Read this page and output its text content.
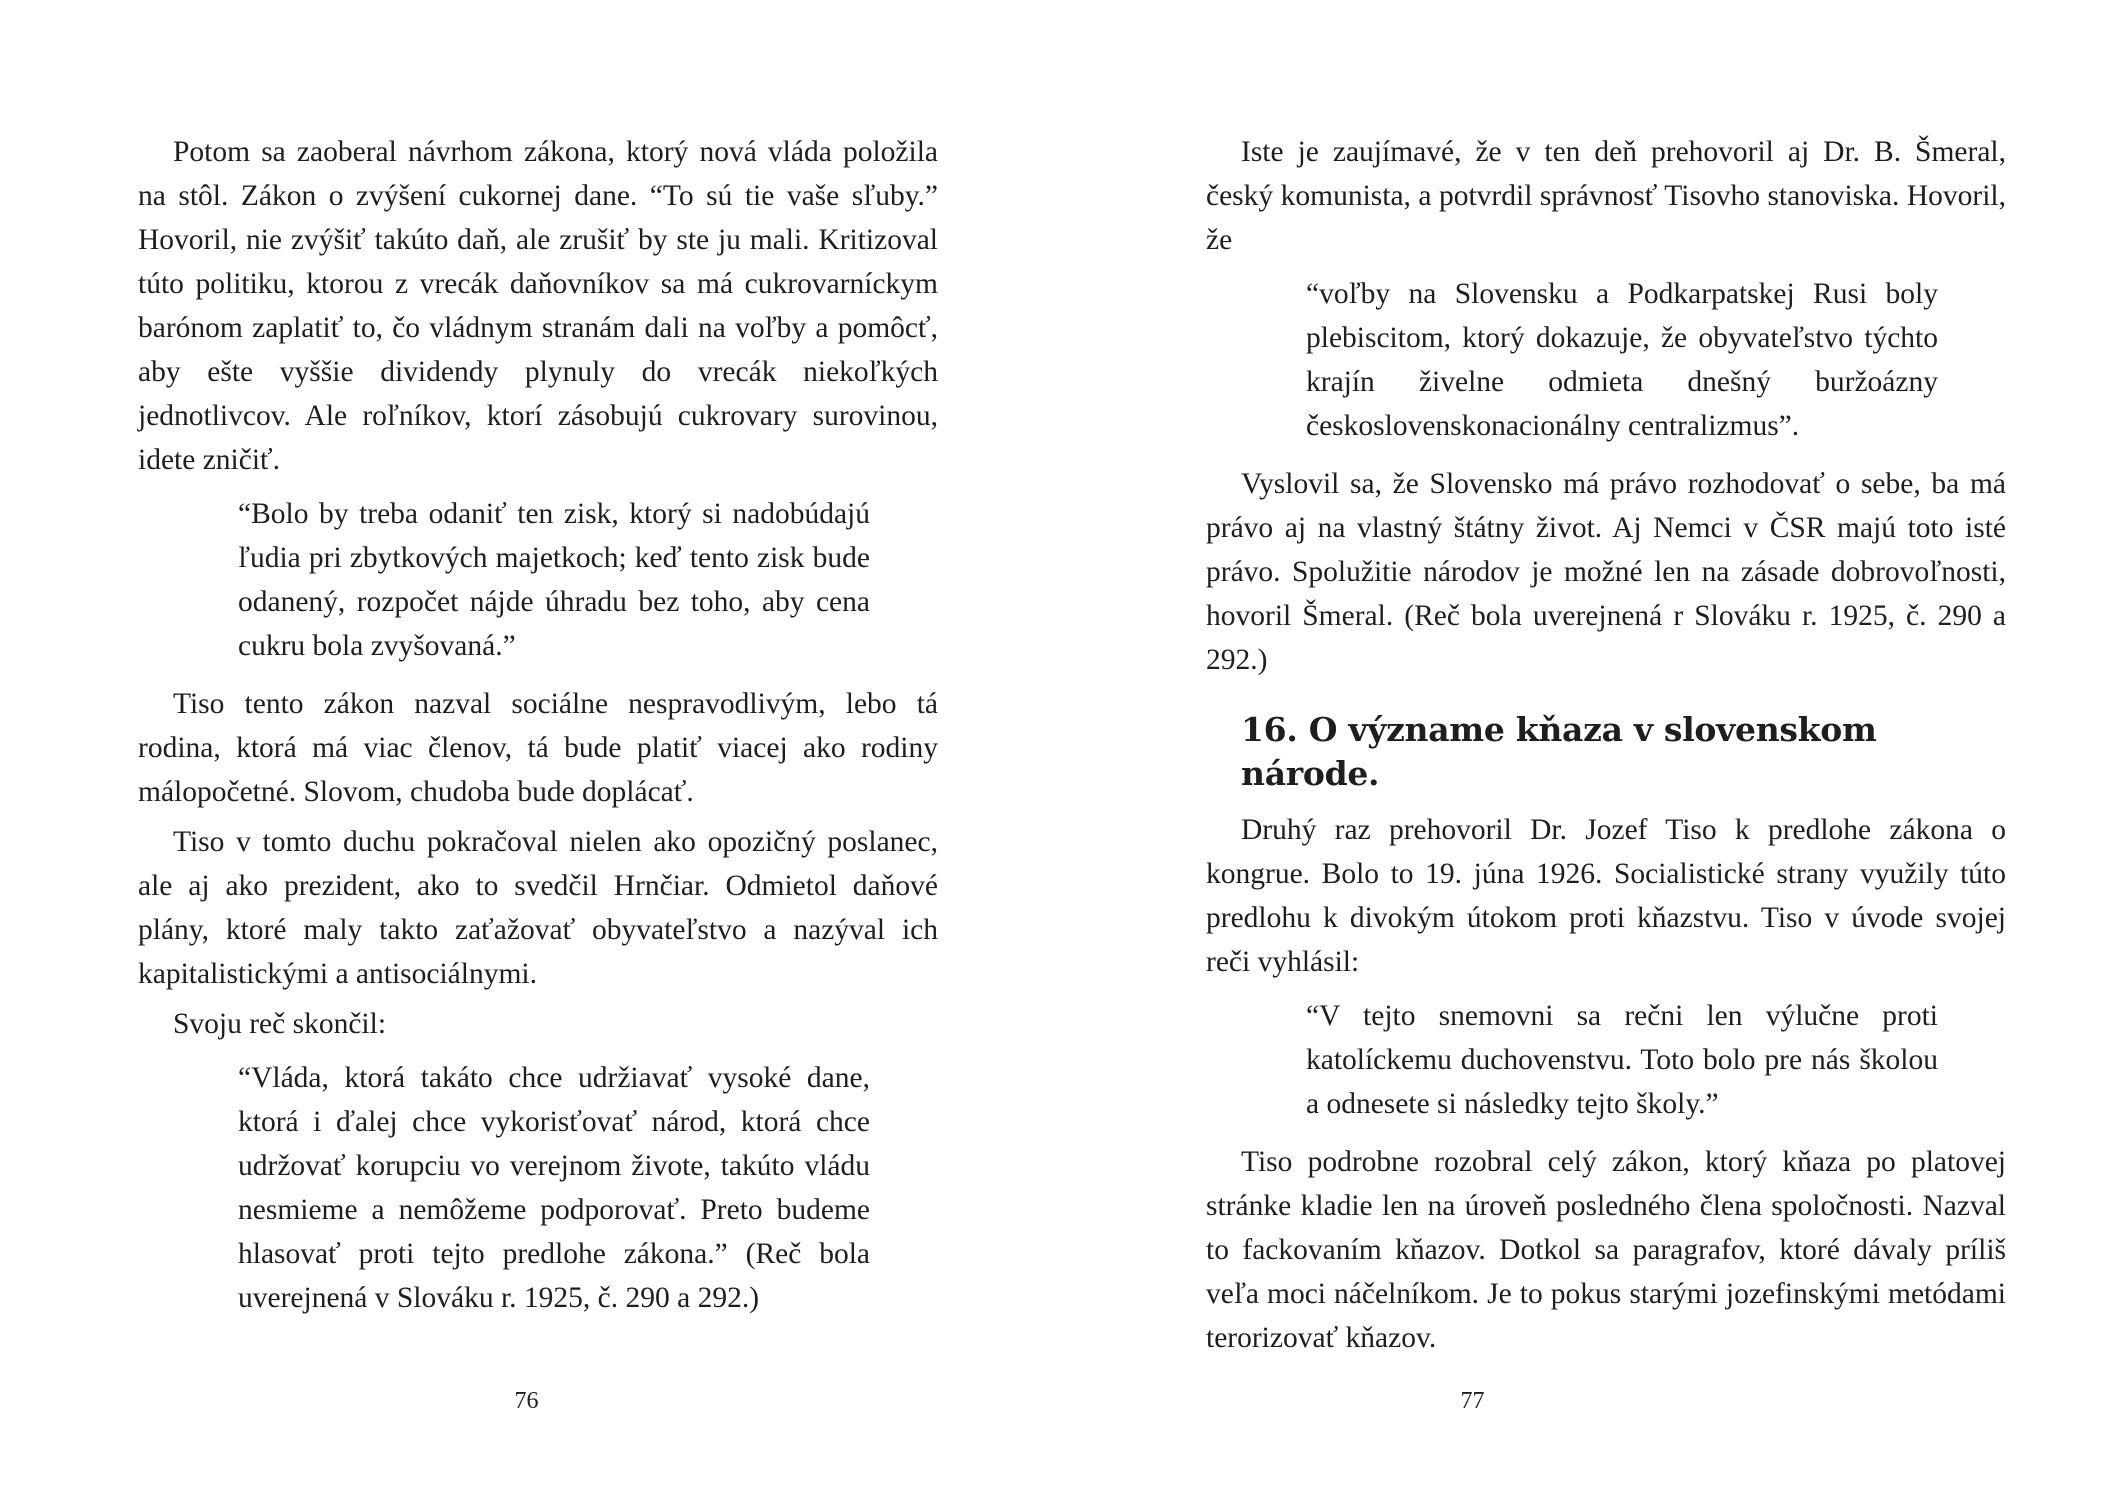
Potom sa zaoberal návrhom zákona, ktorý nová vláda položila na stôl. Zákon o zvýšení cukornej dane. “To sú tie vaše sľuby.” Hovoril, nie zvýšiť takúto daň, ale zrušiť by ste ju mali. Kritizoval túto politiku, ktorou z vrecák daňovníkov sa má cukrovarníckym barónom zaplatiť to, čo vládnym stranám dali na voľby a pomôcť, aby ešte vyššie dividendy plynuly do vrecák niekoľkých jednotlivcov. Ale roľníkov, ktorí zásobujú cukrovary surovinou, idete zničiť.

“Bolo by treba odaniť ten zisk, ktorý si nadobúdajú ľudia pri zbytkových majetkoch; keď tento zisk bude odanený, rozpočet nájde úhradu bez toho, aby cena cukru bola zvyšovaná.”

Tiso tento zákon nazval sociálne nespravodlivým, lebo tá rodina, ktorá má viac členov, tá bude platiť viacej ako rodiny málopočetné. Slovom, chudoba bude doplácať.

Tiso v tomto duchu pokračoval nielen ako opozičný poslanec, ale aj ako prezident, ako to svedčil Hrnčiar. Odmietol daňové plány, ktoré maly takto zaťažovať obyvateľstvo a nazýval ich kapitalistickými a antisociálnymi.

Svoju reč skončil:

“Vláda, ktorá takáto chce udržiavať vysoké dane, ktorá i ďalej chce vykorisťovať národ, ktorá chce udržovať korupciu vo verejnom živote, takúto vládu nesmieme a nemôžeme podporovať. Preto budeme hlasovať proti tejto predlohe zákona.” (Reč bola uverejnená v Slováku r. 1925, č. 290 a 292.)

76

Iste je zaujímavé, že v ten deň prehovoril aj Dr. B. Šmeral, český komunista, a potvrdil správnosť Tisovho stanoviska. Hovoril, že

“voľby na Slovensku a Podkarpatskej Rusi boly plebiscitom, ktorý dokazuje, že obyvateľstvo týchto krajín živelne odmieta dnešný buržoázny československonacionálny centralizmus”.

Vyslovil sa, že Slovensko má právo rozhodovať o sebe, ba má právo aj na vlastný štátny život. Aj Nemci v ČSR majú toto isté právo. Spolužitie národov je možné len na zásade dobrovoľnosti, hovoril Šmeral. (Reč bola uverejnená r Slováku r. 1925, č. 290 a 292.)

16. O význame kňaza v slovenskom národe.

Druhý raz prehovoril Dr. Jozef Tiso k predlohe zákona o kongrue. Bolo to 19. júna 1926. Socialistické strany využily túto predlohu k divokým útokom proti kňazstvu. Tiso v úvode svojej reči vyhlásil:

“V tejto snemovni sa rečni len výlučne proti katolíckemu duchovenstvu. Toto bolo pre nás školou a odnesete si následky tejto školy.”

Tiso podrobne rozobral celý zákon, ktorý kňaza po platovej stránke kladie len na úroveň posledného člena spoločnosti. Nazval to fackovaním kňazov. Dotkol sa paragrafov, ktoré dávaly príliš veľa moci náčelníkom. Je to pokus starými jozefinskými metódami terorizovať kňazov.

77
